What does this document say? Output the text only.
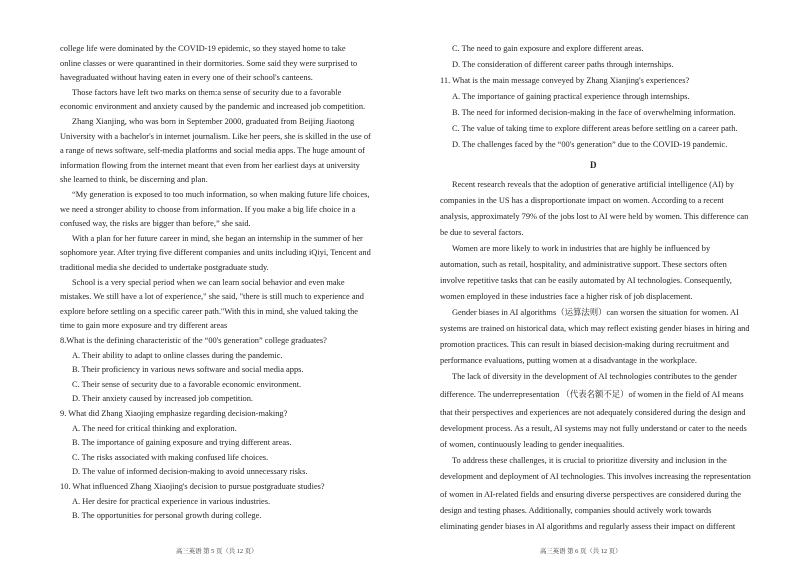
college life were dominated by the COVID-19 epidemic, so they stayed home to take
online classes or were quarantined in their dormitories. Some said they were surprised to
havegraduated without having eaten in every one of their school's canteens.
Those factors have left two marks on them:a sense of security due to a favorable
economic environment and anxiety caused by the pandemic and increased job competition.
Zhang Xianjing, who was born in September 2000, graduated from Beijing Jiaotong
University with a bachelor's in internet journalism. Like her peers, she is skilled in the use of
a range of news software, self-media platforms and social media apps. The huge amount of
information flowing from the internet meant that even from her earliest days at university
she learned to think, be discerning and plan.
“My generation is exposed to too much information, so when making future life choices,
we need a stronger ability to choose from information. If you make a big life choice in a
confused way, the risks are bigger than before,” she said.
With a plan for her future career in mind, she began an internship in the summer of her
sophomore year. After trying five different companies and units including iQiyi, Tencent and
traditional media she decided to undertake postgraduate study.
School is a very special period when we can learn social behavior and even make
mistakes. We still have a lot of experience," she said, "there is still much to experience and
explore before settling on a specific career path."With this in mind, she valued taking the
time to gain more exposure and try different areas
8.What is the defining characteristic of the “00's generation” college graduates?
A. Their ability to adapt to online classes during the pandemic.
B. Their proficiency in various news software and social media apps.
C. Their sense of security due to a favorable economic environment.
D. Their anxiety caused by increased job competition.
9. What did Zhang Xiaojing emphasize regarding decision-making?
A. The need for critical thinking and exploration.
B. The importance of gaining exposure and trying different areas.
C. The risks associated with making confused life choices.
D. The value of informed decision-making to avoid unnecessary risks.
10. What influenced Zhang Xiaojing's decision to pursue postgraduate studies?
A. Her desire for practical experience in various industries.
B. The opportunities for personal growth during college.
高三英语 第 5 页（共 12 页）
C. The need to gain exposure and explore different areas.
D. The consideration of different career paths through internships.
11. What is the main message conveyed by Zhang Xianjing's experiences?
A. The importance of gaining practical experience through internships.
B. The need for informed decision-making in the face of overwhelming information.
C. The value of taking time to explore different areas before settling on a career path.
D. The challenges faced by the “00's generation” due to the COVID-19 pandemic.
D
Recent research reveals that the adoption of generative artificial intelligence (AI) by
companies in the US has a disproportionate impact on women. According to a recent
analysis, approximately 79% of the jobs lost to AI were held by women. This difference can
be due to several factors.
Women are more likely to work in industries that are highly be influenced by
automation, such as retail, hospitality, and administrative support. These sectors often
involve repetitive tasks that can be easily automated by AI technologies. Consequently,
women employed in these industries face a higher risk of job displacement.
Gender biases in AI algorithms（运算法则）can worsen the situation for women. AI
systems are trained on historical data, which may reflect existing gender biases in hiring and
promotion practices. This can result in biased decision-making during recruitment and
performance evaluations, putting women at a disadvantage in the workplace.
The lack of diversity in the development of AI technologies contributes to the gender
difference. The underrepresentation （代表名额不足）of women in the field of AI means
that their perspectives and experiences are not adequately considered during the design and
development process. As a result, AI systems may not fully understand or cater to the needs
of women, continuously leading to gender inequalities.
To address these challenges, it is crucial to prioritize diversity and inclusion in the
development and deployment of AI technologies. This involves increasing the representation
of women in AI-related fields and ensuring diverse perspectives are considered during the
design and testing phases. Additionally, companies should actively work towards
eliminating gender biases in AI algorithms and regularly assess their impact on different
高三英语 第 6 页（共 12 页）
